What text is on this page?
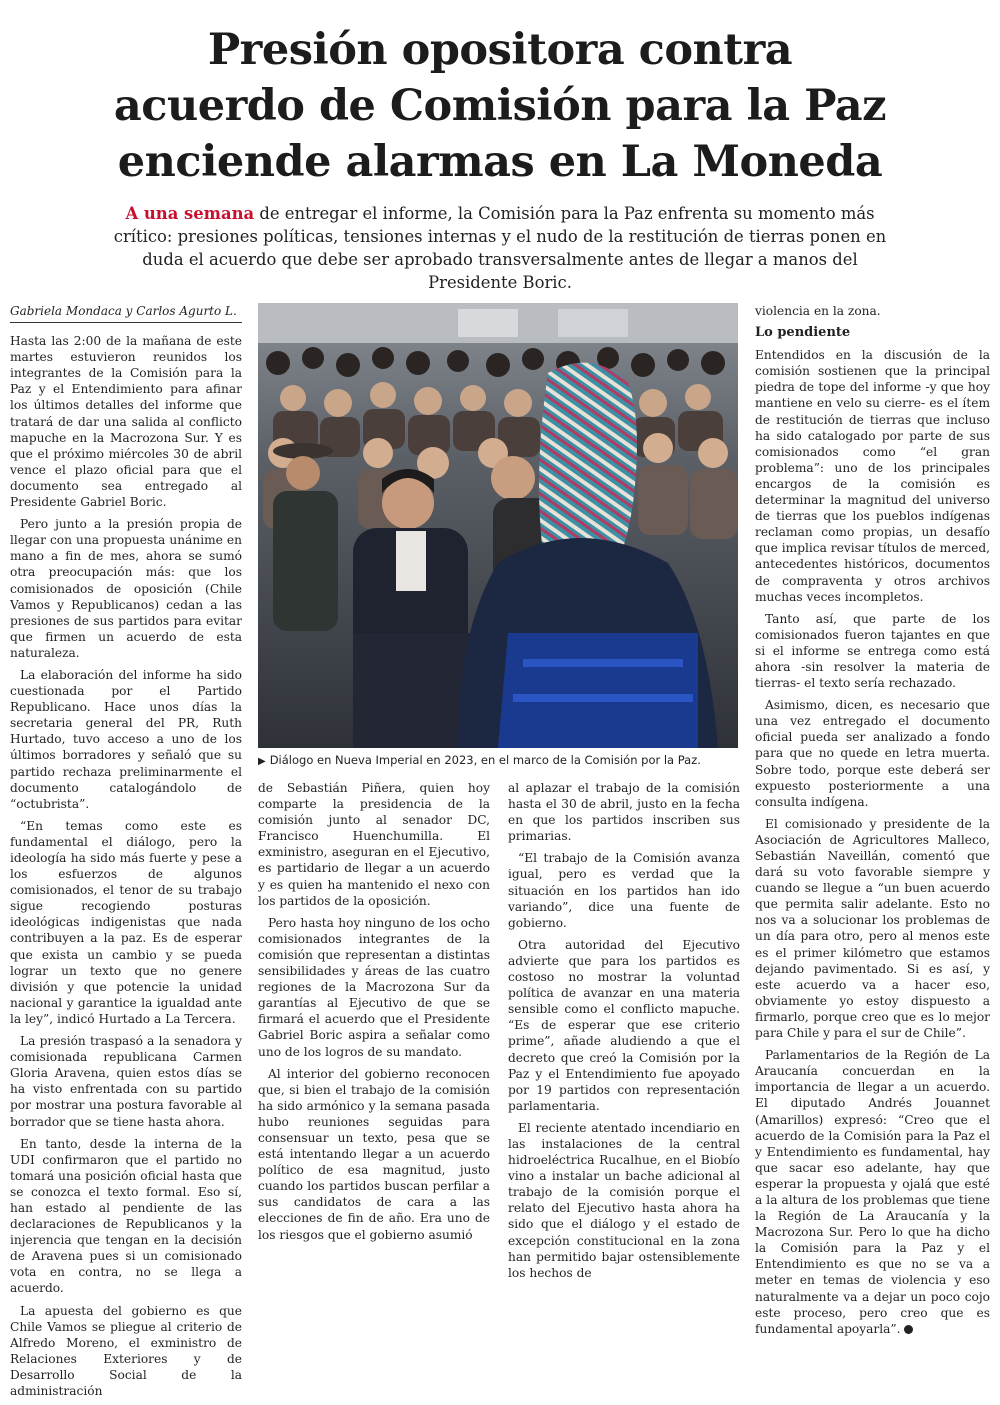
Presión opositora contra
acuerdo de Comisión para la Paz
enciende alarmas en La Moneda

A una semana de entregar el informe, la Comisión para la Paz enfrenta su momento más crítico: presiones políticas, tensiones internas y el nudo de la restitución de tierras ponen en duda el acuerdo que debe ser aprobado transversalmente antes de llegar a manos del Presidente Boric.

Gabriela Mondaca y Carlos Agurto L.

Hasta las 2:00 de la mañana de este martes estuvieron reunidos los integrantes de la Comisión para la Paz y el Entendimiento para afinar los últimos detalles del informe que tratará de dar una salida al conflicto mapuche en la Macrozona Sur. Y es que el próximo miércoles 30 de abril vence el plazo oficial para que el documento sea entregado al Presidente Gabriel Boric.

Pero junto a la presión propia de llegar con una propuesta unánime en mano a fin de mes, ahora se sumó otra preocupación más: que los comisionados de oposición (Chile Vamos y Republicanos) cedan a las presiones de sus partidos para evitar que firmen un acuerdo de esta naturaleza.

La elaboración del informe ha sido cuestionada por el Partido Republicano. Hace unos días la secretaria general del PR, Ruth Hurtado, tuvo acceso a uno de los últimos borradores y señaló que su partido rechaza preliminarmente el documento catalogándolo de “octubrista”.

“En temas como este es fundamental el diálogo, pero la ideología ha sido más fuerte y pese a los esfuerzos de algunos comisionados, el tenor de su trabajo sigue recogiendo posturas ideológicas indigenistas que nada contribuyen a la paz. Es de esperar que exista un cambio y se pueda lograr un texto que no genere división y que potencie la unidad nacional y garantice la igualdad ante la ley”, indicó Hurtado a La Tercera.

La presión traspasó a la senadora y comisionada republicana Carmen Gloria Aravena, quien estos días se ha visto enfrentada con su partido por mostrar una postura favorable al borrador que se tiene hasta ahora.

En tanto, desde la interna de la UDI confirmaron que el partido no tomará una posición oficial hasta que se conozca el texto formal. Eso sí, han estado al pendiente de las declaraciones de Republicanos y la injerencia que tengan en la decisión de Aravena pues si un comisionado vota en contra, no se llega a acuerdo.

La apuesta del gobierno es que Chile Vamos se pliegue al criterio de Alfredo Moreno, el exministro de Relaciones Exteriores y de Desarrollo Social de la administración

▶ Diálogo en Nueva Imperial en 2023, en el marco de la Comisión por la Paz.

de Sebastián Piñera, quien hoy comparte la presidencia de la comisión junto al senador DC, Francisco Huenchumilla. El exministro, aseguran en el Ejecutivo, es partidario de llegar a un acuerdo y es quien ha mantenido el nexo con los partidos de la oposición.

Pero hasta hoy ninguno de los ocho comisionados integrantes de la comisión que representan a distintas sensibilidades y áreas de las cuatro regiones de la Macrozona Sur da garantías al Ejecutivo de que se firmará el acuerdo que el Presidente Gabriel Boric aspira a señalar como uno de los logros de su mandato.

Al interior del gobierno reconocen que, si bien el trabajo de la comisión ha sido armónico y la semana pasada hubo reuniones seguidas para consensuar un texto, pesa que se está intentando llegar a un acuerdo político de esa magnitud, justo cuando los partidos buscan perfilar a sus candidatos de cara a las elecciones de fin de año. Era uno de los riesgos que el gobierno asumió

al aplazar el trabajo de la comisión hasta el 30 de abril, justo en la fecha en que los partidos inscriben sus primarias.

“El trabajo de la Comisión avanza igual, pero es verdad que la situación en los partidos han ido variando”, dice una fuente de gobierno.

Otra autoridad del Ejecutivo advierte que para los partidos es costoso no mostrar la voluntad política de avanzar en una materia sensible como el conflicto mapuche. “Es de esperar que ese criterio prime”, añade aludiendo a que el decreto que creó la Comisión por la Paz y el Entendimiento fue apoyado por 19 partidos con representación parlamentaria.

El reciente atentado incendiario en las instalaciones de la central hidroeléctrica Rucalhue, en el Biobío vino a instalar un bache adicional al trabajo de la comisión porque el relato del Ejecutivo hasta ahora ha sido que el diálogo y el estado de excepción constitucional en la zona han permitido bajar ostensiblemente los hechos de

violencia en la zona.

Lo pendiente

Entendidos en la discusión de la comisión sostienen que la principal piedra de tope del informe -y que hoy mantiene en velo su cierre- es el ítem de restitución de tierras que incluso ha sido catalogado por parte de sus comisionados como “el gran problema”: uno de los principales encargos de la comisión es determinar la magnitud del universo de tierras que los pueblos indígenas reclaman como propias, un desafío que implica revisar títulos de merced, antecedentes históricos, documentos de compraventa y otros archivos muchas veces incompletos.

Tanto así, que parte de los comisionados fueron tajantes en que si el informe se entrega como está ahora -sin resolver la materia de tierras- el texto sería rechazado.

Asimismo, dicen, es necesario que una vez entregado el documento oficial pueda ser analizado a fondo para que no quede en letra muerta. Sobre todo, porque este deberá ser expuesto posteriormente a una consulta indígena.

El comisionado y presidente de la Asociación de Agricultores Malleco, Sebastián Naveillán, comentó que dará su voto favorable siempre y cuando se llegue a “un buen acuerdo que permita salir adelante. Esto no nos va a solucionar los problemas de un día para otro, pero al menos este es el primer kilómetro que estamos dejando pavimentado. Si es así, y este acuerdo va a hacer eso, obviamente yo estoy dispuesto a firmarlo, porque creo que es lo mejor para Chile y para el sur de Chile”.

Parlamentarios de la Región de La Araucanía concuerdan en la importancia de llegar a un acuerdo. El diputado Andrés Jouannet (Amarillos) expresó: “Creo que el acuerdo de la Comisión para la Paz el y Entendimiento es fundamental, hay que sacar eso adelante, hay que esperar la propuesta y ojalá que esté a la altura de los problemas que tiene la Región de La Araucanía y la Macrozona Sur. Pero lo que ha dicho la Comisión para la Paz y el Entendimiento es que no se va a meter en temas de violencia y eso naturalmente va a dejar un poco cojo este proceso, pero creo que es fundamental apoyarla”.
